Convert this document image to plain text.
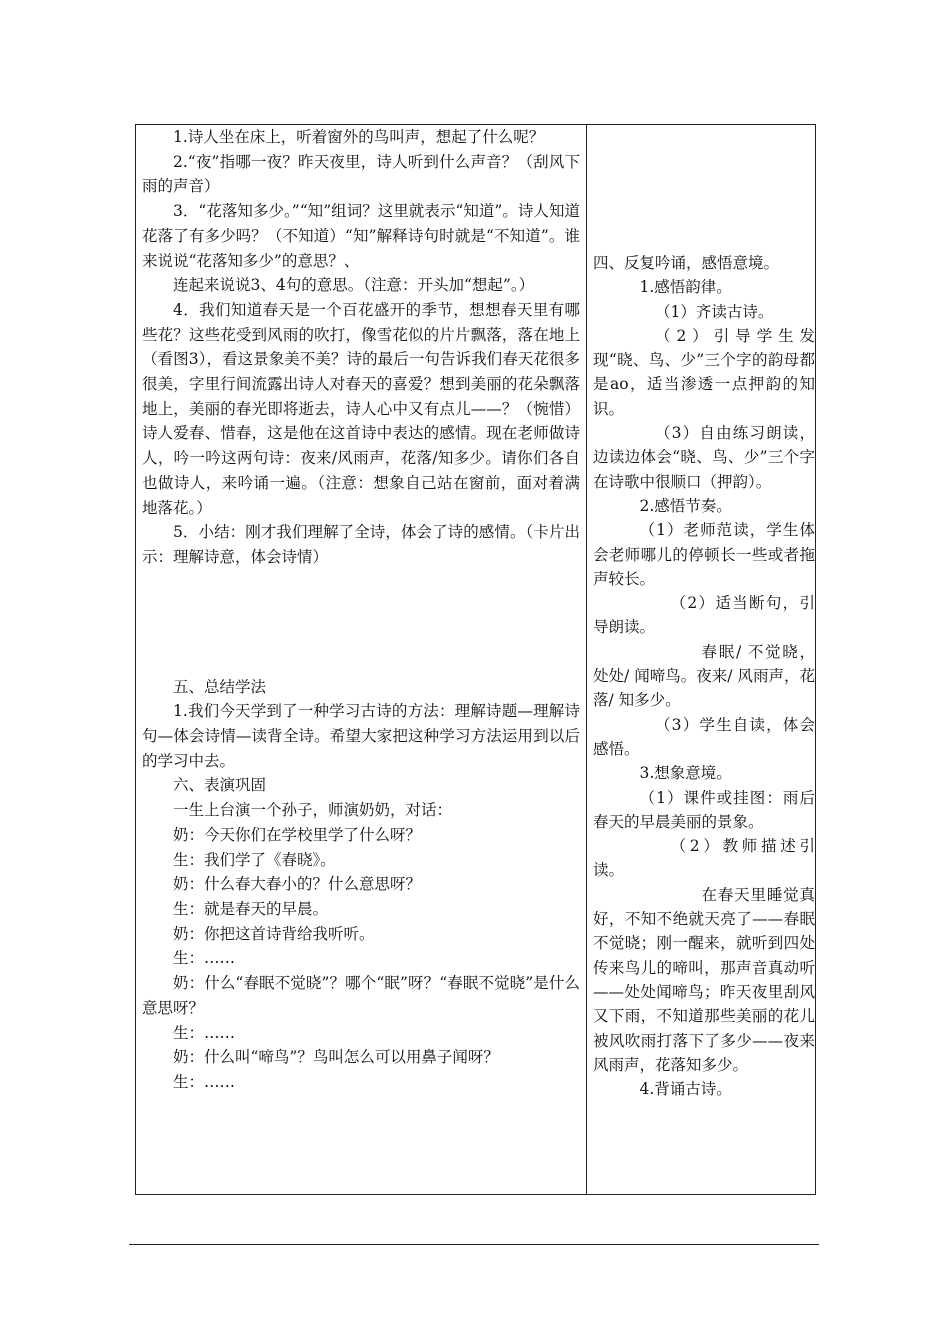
1.诗人坐在床上，听着窗外的鸟叫声，想起了什么呢？

2.“夜”指哪一夜？昨天夜里，诗人听到什么声音？（刮风下雨的声音）

3．“花落知多少。”“知”组词？这里就表示“知道”。诗人知道花落了有多少吗？（不知道）“知”解释诗句时就是“不知道”。谁来说说“花落知多少”的意思？、

连起来说说3、4句的意思。（注意：开头加“想起”。）

4．我们知道春天是一个百花盛开的季节，想想春天里有哪些花？这些花受到风雨的吹打，像雪花似的片片飘落，落在地上（看图3），看这景象美不美？诗的最后一句告诉我们春天花很多很美，字里行间流露出诗人对春天的喜爱？想到美丽的花朵飘落地上，美丽的春光即将逝去，诗人心中又有点儿——？（惋惜）诗人爱春、惜春，这是他在这首诗中表达的感情。现在老师做诗人，吟一吟这两句诗：夜来/风雨声，花落/知多少。请你们各自也做诗人，来吟诵一遍。（注意：想象自己站在窗前，面对着满地落花。）

5．小结：刚才我们理解了全诗，体会了诗的感情。（卡片出示：理解诗意，体会诗情）

五、总结学法

1.我们今天学到了一种学习古诗的方法：理解诗题—理解诗句—体会诗情—读背全诗。希望大家把这种学习方法运用到以后的学习中去。

六、表演巩固

一生上台演一个孙子，师演奶奶，对话：

奶：今天你们在学校里学了什么呀？

生：我们学了《春晓》。

奶：什么春大春小的？什么意思呀？

生：就是春天的早晨。

奶：你把这首诗背给我听听。

生：……

奶：什么“春眠不觉晓”？哪个“眠”呀？“春眠不觉晓”是什么意思呀？

生：……

奶：什么叫“啼鸟”？鸟叫怎么可以用鼻子闻呀？

生：……

四、反复吟诵，感悟意境。

1.感悟韵律。

（1）齐读古诗。

（2）引导学生发现“晓、鸟、少”三个字的韵母都是ao，适当渗透一点押韵的知识。

（3）自由练习朗读，边读边体会“晓、鸟、少”三个字在诗歌中很顺口（押韵）。

2.感悟节奏。

（1）老师范读，学生体会老师哪儿的停顿长一些或者拖声较长。

（2）适当断句，引导朗读。

春眠/ 不觉晓，处处/ 闻啼鸟。夜来/ 风雨声，花落/ 知多少。

（3）学生自读，体会感悟。

3.想象意境。

（1）课件或挂图：雨后春天的早晨美丽的景象。

（2）教师描述引读。

在春天里睡觉真好，不知不绝就天亮了——春眠不觉晓；刚一醒来，就听到四处传来鸟儿的啼叫，那声音真动听——处处闻啼鸟；昨天夜里刮风又下雨，不知道那些美丽的花儿被风吹雨打落下了多少——夜来风雨声，花落知多少。

4.背诵古诗。
